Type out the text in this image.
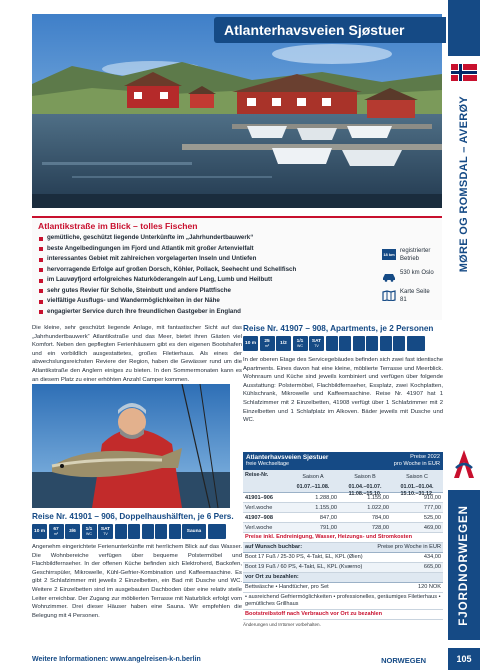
MØRE OG ROMSDAL – AVERØY
FJORDNORWEGEN
105
Atlanterhavsveien Sjøstuer
Atlantikstraße im Blick – tolles Fischen
gemütliche, geschützt liegende Unterkünfte im „Jahrhundertbauwerk“
beste Angelbedingungen im Fjord und Atlantik mit großer Artenvielfalt
interessantes Gebiet mit zahlreichen vorgelagerten Inseln und Untiefen
hervorragende Erfolge auf großen Dorsch, Köhler, Pollack, Seehecht und Schellfisch
im Lauvøyfjord erfolgreiches Naturköderangeln auf Leng, Lumb und Heilbutt
sehr gutes Revier für Scholle, Steinbutt und andere Plattfische
vielfältige Ausflugs- und Wandermöglichkeiten in der Nähe
engagierter Service durch Ihre freundlichen Gastgeber in England
18 km
registrierter Betrieb
530 km Oslo
Karte Seite 81
Die kleine, sehr geschützt liegende Anlage, mit fantastischer Sicht auf das „Jahrhundertbauwerk“ Atlantikstraße und das Meer, bietet ihren Gästen viel Komfort. Neben den gepflegten Ferienhäusern gibt es den eigenen Bootshafen und ein vorbildlich ausgestattetes, großes Filetierhaus. Als eines der abwechslungsreichsten Reviere der Region, haben die Gewässer rund um die Atlantikstraße den Anglern einiges zu bieten. In den Sommermonaten kann es an diesem Platz zu einer erhöhten Anzahl Camper kommen.
Reise Nr. 41907 – 908, Apartments, je 2 Personen
10 m 25
m² 1/2 1/1
WC
SAT
TV

In der oberen Etage des Servicegebäudes befinden sich zwei fast identische Apartments. Eines davon hat eine kleine, möblierte Terrasse und Meerblick. Wohnraum und Küche sind jeweils kombiniert und verfügen über folgende Ausstattung: Polstermöbel, Flachbildfernseher, Essplatz, zwei Kochplatten, Kühlschrank, Mikrowelle und Kaffeemaschine. Reise Nr. 41907 hat 1 Schlafzimmer mit 2 Einzelbetten, 41908 verfügt über 1 Schlafzimmer mit 2 Einzelbetten und 1 Schlafplatz im Alkoven. Bäder jeweils mit Dusche und WC.

Reise Nr. 41901 – 906, Doppelhaushälften, je 6 Pers.
10 m 67
m² 3/6 1/1
WC
SAT
TV	Sauna

Angenehm eingerichtete Ferienunterkünfte mit herrlichem Blick auf das Wasser. Die Wohnbereiche verfügen über bequeme Polstermöbel und Flachbildfernseher. In der offenen Küche befinden sich Elektroherd, Backofen, Geschirrspüler, Mikrowelle, Kühl-Gefrier-Kombination und Kaffeemaschine. Es gibt 2 Schlafzimmer mit jeweils 2 Einzelbetten, ein Bad mit Dusche und WC. Weitere 2 Einzelbetten sind im ausgebauten Dachboden über eine relativ steile Leiter erreichbar. Der Zugang zur möblierten Terrasse mit Naturblick erfolgt vom Wohnzimmer. Drei dieser Häuser haben eine Sauna. Wir empfehlen die Belegung mit 4 Personen.

Atlanterhavsveien Sjøstuer
freie Wechseltage
Preise 2022
pro Woche in EUR
Reise-Nr.	Saison A
01.07.–11.08.
Saison B
01.04.–01.07.
11.08.–15.10.
Saison C
01.01.–01.04.
15.10.–31.12.
41901–906	1.288,00	1.155,00	910,00
Verl.woche	1.155,00	1.022,00	777,00
41907–908	847,00	784,00	525,00
Verl.woche	791,00	728,00	469,00
Preise inkl. Endreinigung, Wasser, Heizungs- und Stromkosten
auf Wunsch buchbar:	Preise pro Woche in EUR
Boot 17 Fuß / 25-30 PS, 4-Takt, EL, KPL (Øien)	434,00
Boot 19 Fuß / 60 PS, 4-Takt, EL, KPL (Kværno)	665,00
vor Ort zu bezahlen:
Bettwäsche • Handtücher, pro Set	120 NOK
• ausreichend Gefriermöglichkeiten • professionelles, geräumiges Filetierhaus • gemütliches Grillhaus
Bootstreibstoff nach Verbrauch vor Ort zu bezahlen
Änderungen und Irrtümer vorbehalten.
Weitere Informationen: www.angelreisen-k-n.berlin	NORWEGEN
